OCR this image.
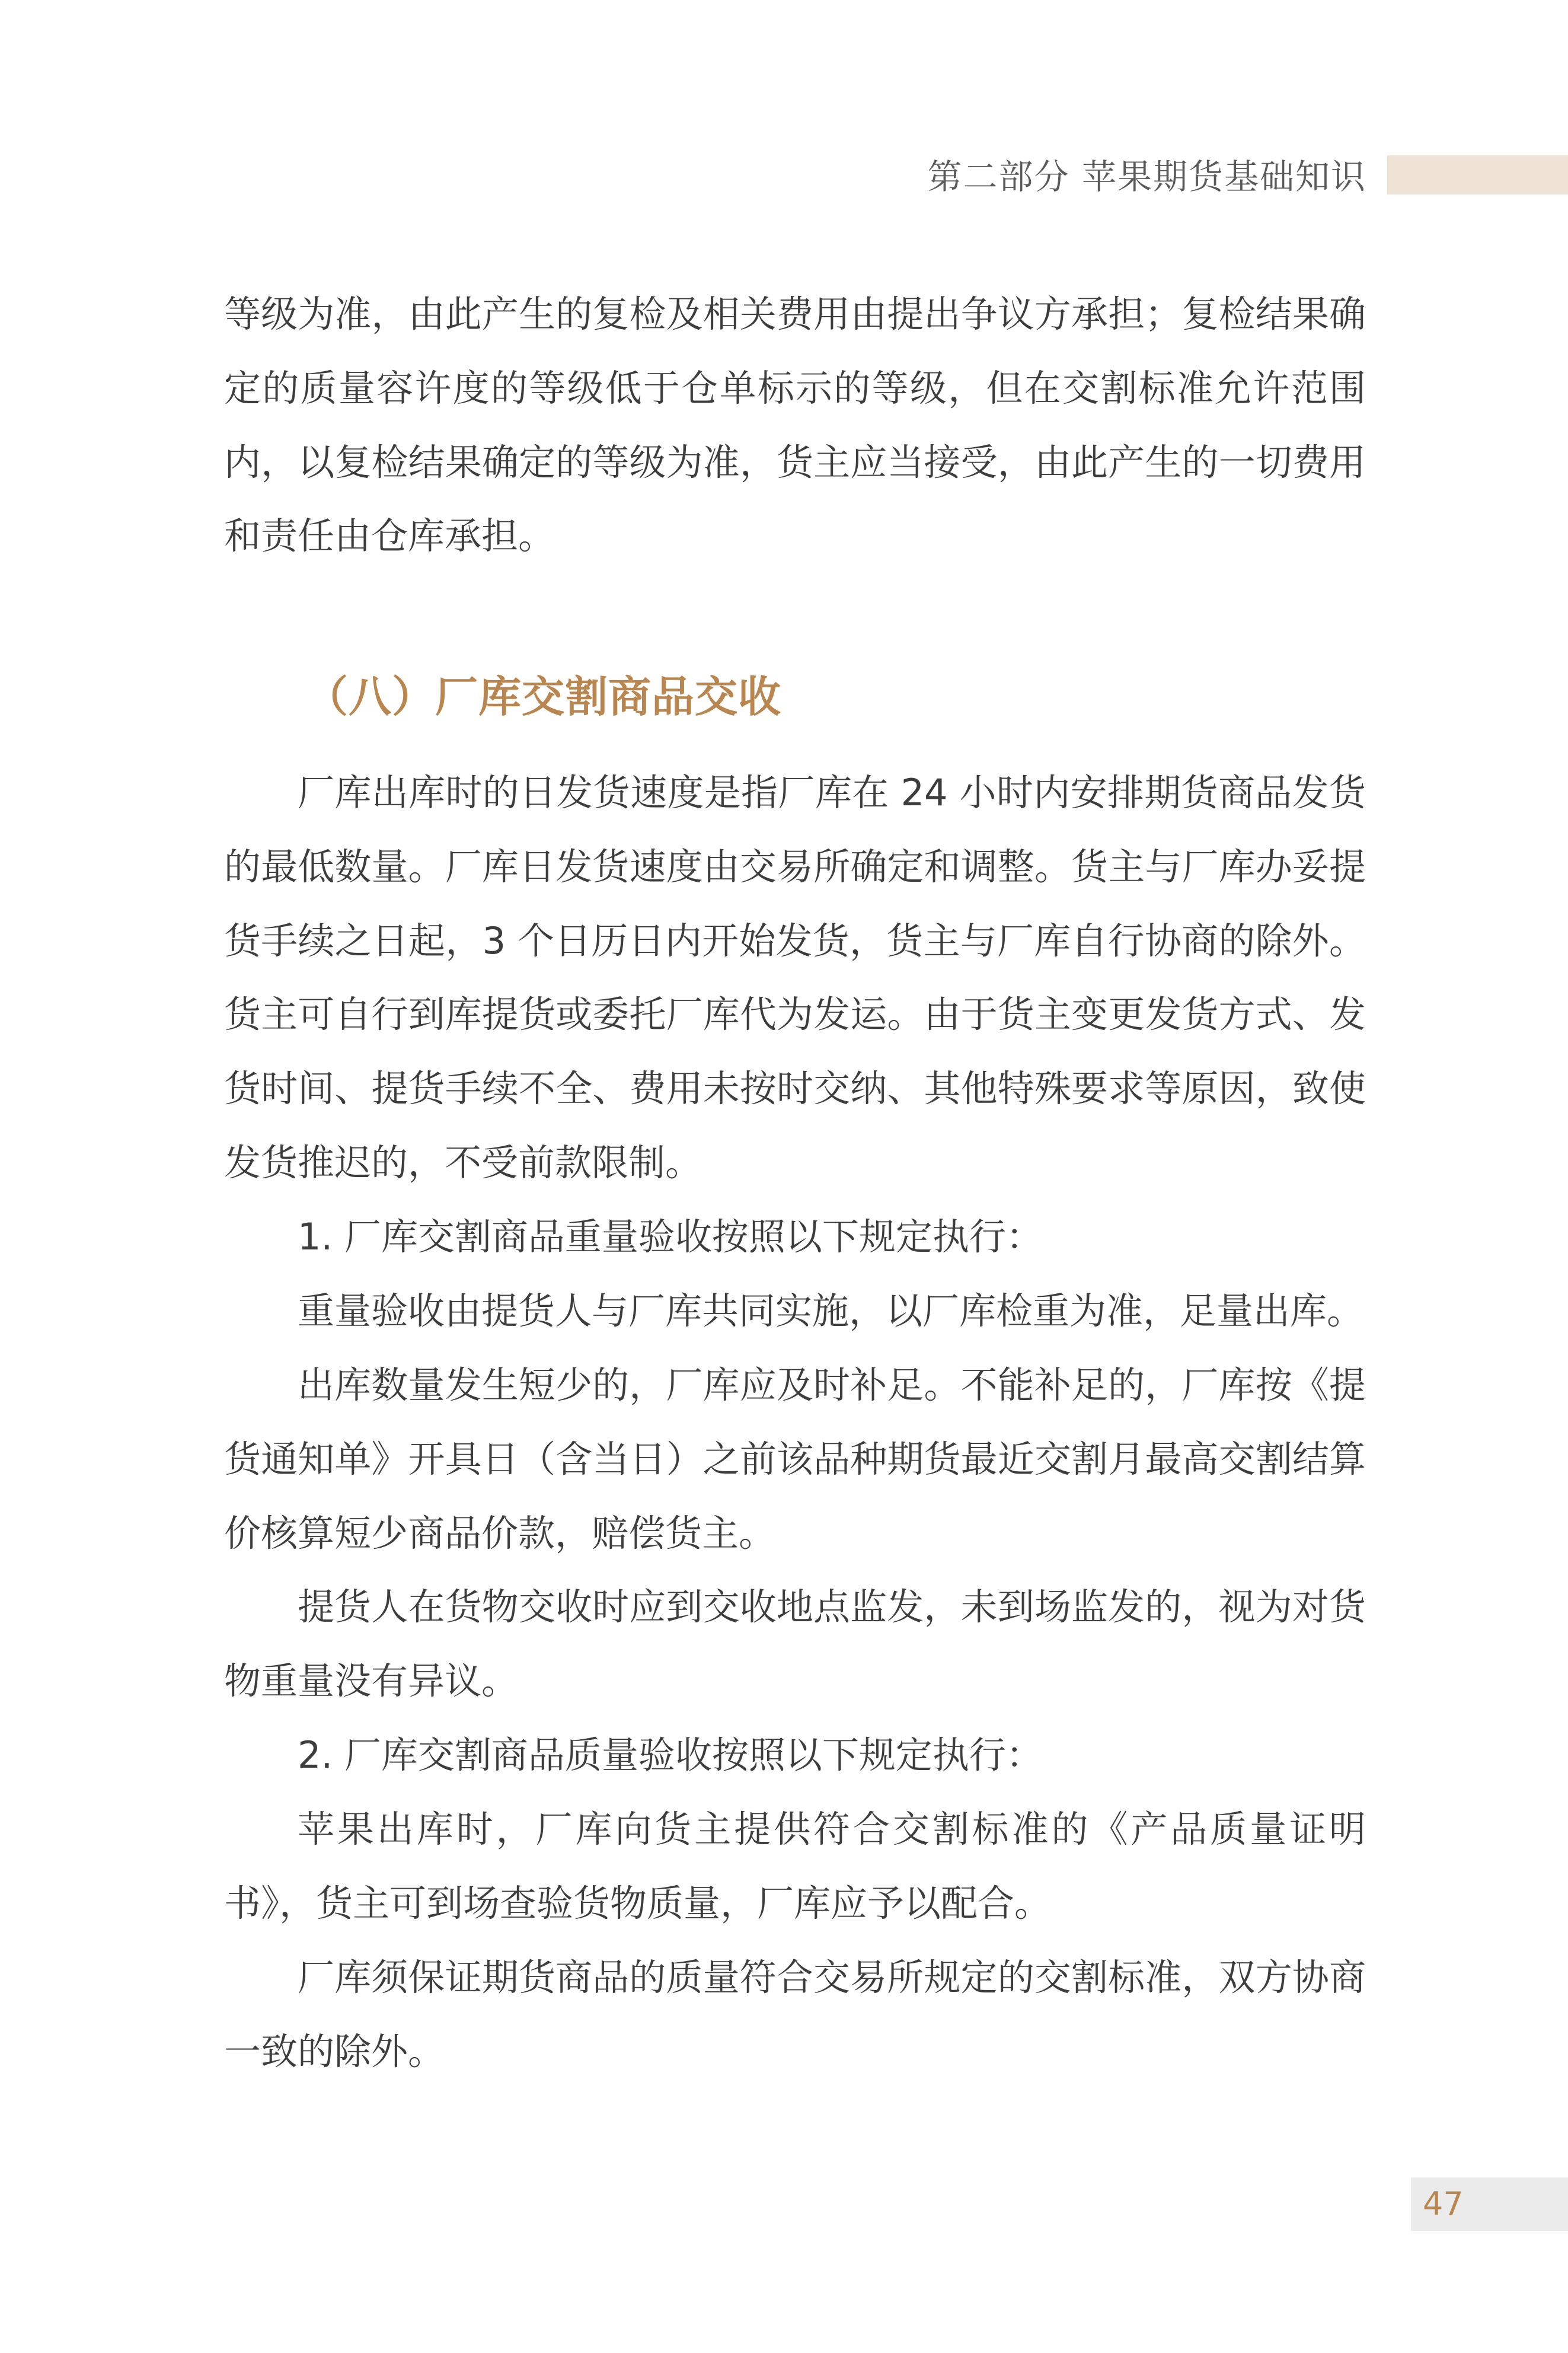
第二部分 苹果期货基础知识

等级为准，由此产生的复检及相关费用由提出争议方承担；复检结果确定的质量容许度的等级低于仓单标示的等级，但在交割标准允许范围内，以复检结果确定的等级为准，货主应当接受，由此产生的一切费用和责任由仓库承担。

（八）厂库交割商品交收

厂库出库时的日发货速度是指厂库在 24 小时内安排期货商品发货的最低数量。厂库日发货速度由交易所确定和调整。货主与厂库办妥提货手续之日起，3 个日历日内开始发货，货主与厂库自行协商的除外。货主可自行到库提货或委托厂库代为发运。由于货主变更发货方式、发货时间、提货手续不全、费用未按时交纳、其他特殊要求等原因，致使发货推迟的，不受前款限制。

1. 厂库交割商品重量验收按照以下规定执行：

重量验收由提货人与厂库共同实施，以厂库检重为准，足量出库。

出库数量发生短少的，厂库应及时补足。不能补足的，厂库按《提货通知单》开具日（含当日）之前该品种期货最近交割月最高交割结算价核算短少商品价款，赔偿货主。

提货人在货物交收时应到交收地点监发，未到场监发的，视为对货物重量没有异议。

2. 厂库交割商品质量验收按照以下规定执行：

苹果出库时，厂库向货主提供符合交割标准的《产品质量证明书》，货主可到场查验货物质量，厂库应予以配合。

厂库须保证期货商品的质量符合交易所规定的交割标准，双方协商一致的除外。

47
